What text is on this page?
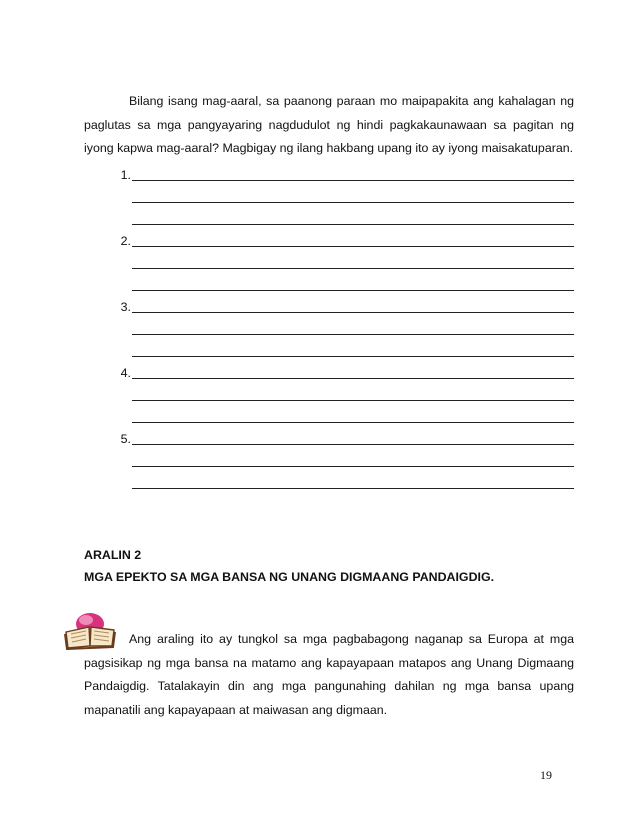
Bilang isang mag-aaral, sa paanong paraan mo maipapakita ang kahalagan ng paglutas sa mga pangyayaring nagdudulot ng hindi pagkakaunawaan sa pagitan ng iyong kapwa mag-aaral? Magbigay ng ilang hakbang upang ito ay iyong maisakatuparan.

1.
2.
3.
4.
5.

ARALIN 2

MGA EPEKTO SA MGA BANSA NG UNANG DIGMAANG PANDAIGDIG.

Ang araling ito ay tungkol sa mga pagbabagong naganap sa Europa at mga pagsisikap ng mga bansa na matamo ang kapayapaan matapos ang Unang Digmaang Pandaigdig. Tatalakayin din ang mga pangunahing dahilan ng mga bansa upang mapanatili ang kapayapaan at maiwasan ang digmaan.

19
